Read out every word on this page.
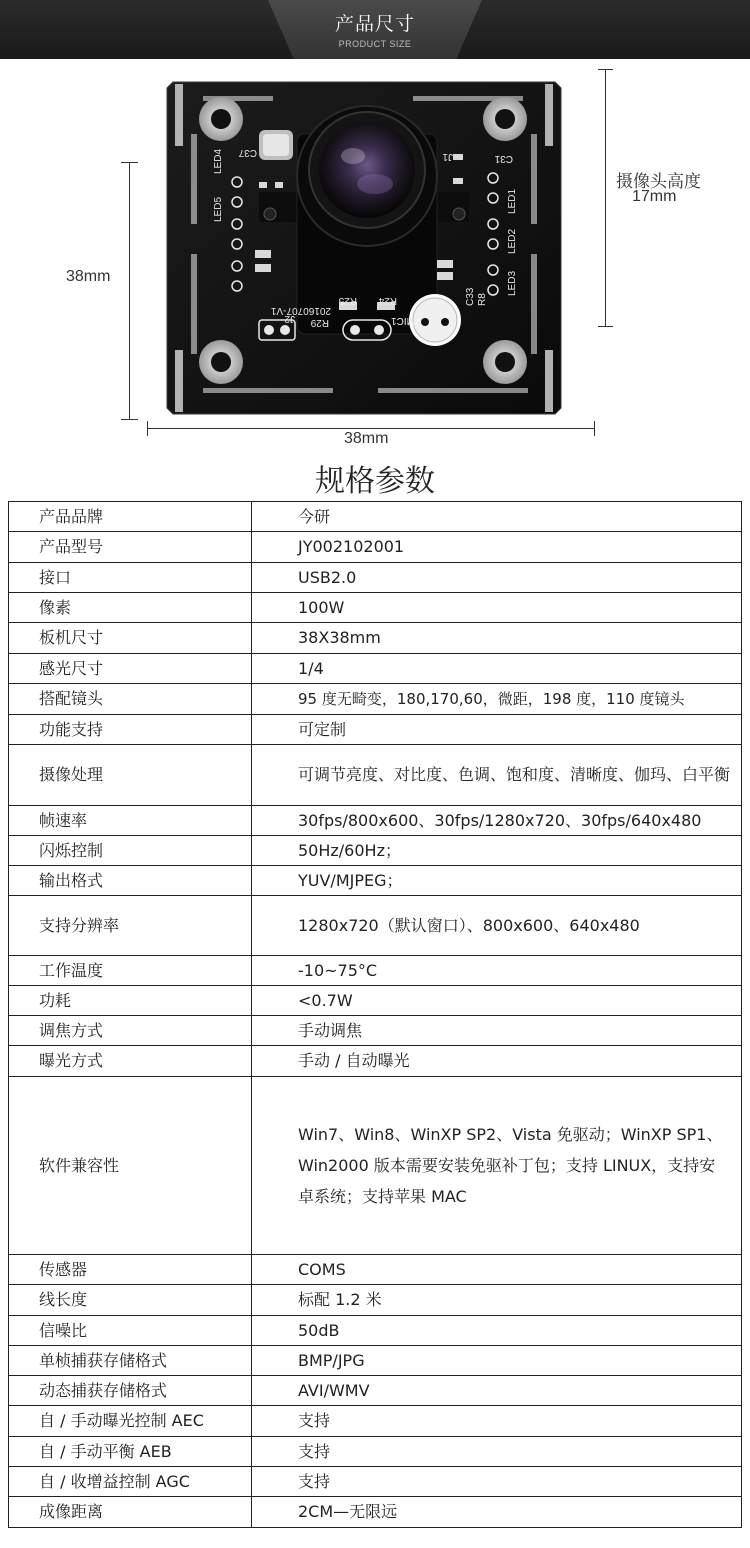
产品尺寸
PRODUCT SIZE
38mm
38mm
摄像头高度
17mm
C31
C37
LED1
LED2
LED3
LED4
LED5
R8
C33
MIC1
R25 R24
R29
J1
J2
20160707-V1
规格参数
产品品牌	今研
产品型号	JY002102001
接口	USB2.0
像素	100W
板机尺寸	38X38mm
感光尺寸	1/4
搭配镜头	95 度无畸变，180,170,60，微距，198 度，110 度镜头
功能支持	可定制
摄像处理	可调节亮度、对比度、色调、饱和度、清晰度、伽玛、白平衡
帧速率	30fps/800x600、30fps/1280x720、30fps/640x480
闪烁控制	50Hz/60Hz；
输出格式	YUV/MJPEG；
支持分辨率	1280x720（默认窗口）、800x600、640x480
工作温度	-10~75°C
功耗	<0.7W
调焦方式	手动调焦
曝光方式	手动 / 自动曝光
软件兼容性	Win7、Win8、WinXP SP2、Vista 免驱动；WinXP SP1、Win2000 版本需要安装免驱补丁包；支持 LINUX，支持安卓系统；支持苹果 MAC
传感器	COMS
线长度	标配 1.2 米
信噪比	50dB
单桢捕获存储格式	BMP/JPG
动态捕获存储格式	AVI/WMV
自 / 手动曝光控制 AEC	支持
自 / 手动平衡 AEB	支持
自 / 收增益控制 AGC	支持
成像距离	2CM—无限远
